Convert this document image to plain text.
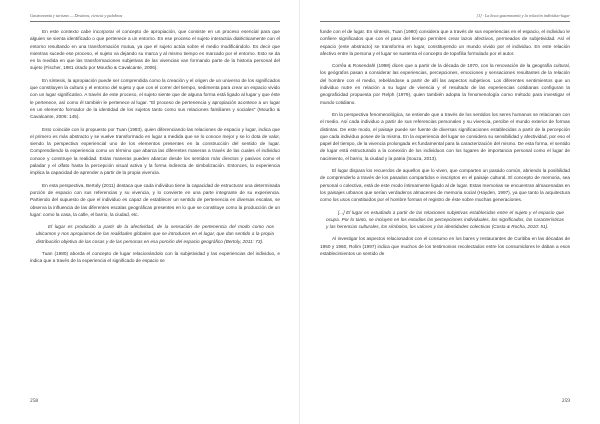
Gastronomía y turismo — Destinos, ciencia y palabras

En este contexto cabe incorporar el concepto de apropiación, que consiste en un proceso esencial para que alguien se sienta identificado o que pertenece a un entorno. En ese proceso el sujeto interactúa dialécticamente con el entorno resultando en una transformación mutua, ya que el sujeto actúa sobre el medio modificándolo. Es decir que mientras sucede ese proceso, el sujeto va dejando su marca y al mismo tiempo es marcado por el entorno. Esto se da en la medida en que las transformaciones subjetivas de las vivencias van formando parte de la historia personal del sujeto (Fischer, 1981 citado por Mourão & Cavalcante, 2006).

En síntesis, la apropiación puede ser comprendida como la creación y el origen de un universo de los significados que constituyen la cultura y el entorno del sujeto y que con el correr del tiempo, sedimenta para crear un espacio vivido con un lugar significativo. A través de este proceso, el sujeto siente que de alguna forma está ligado al lugar y que éste le pertenece, así como él también le pertenece al lugar. "El proceso de pertenencia y apropiación acontece a un lugar en un elemento formador de la identidad de los sujetos tanto como sus relaciones familiares y sociales" (Mourão & Cavalcante, 2006: 145).

Esto coincide con lo propuesto por Tuan (1983), quien diferenciando las relaciones de espacio y lugar, indica que el primero es más abstracto y se vuelve transformado en lugar a medida que se lo conoce mejor y se lo dota de valor, siendo la perspectiva experiencial uno de los elementos presentes en la construcción del sentido de lugar. Comprendiendo la experiencia como un término que abarca las diferentes maneras a través de las cuales el individuo conoce y construye la realidad. Estas maneras pueden abarcar desde los sentidos más directos y pasivos como el paladar y el olfato hasta la percepción visual activa y la forma indirecta de simbolización. Entonces, la experiencia implica la capacidad de aprender a partir de la propia vivencia.

En esta perspectiva, Bertoly (2011) destaca que cada individuo tiene la capacidad de estructurar una determinada porción de espacio con sus referencias y su vivencia, y lo convierte en una parte integrante de su experiencia. Partiendo del supuesto de que el individuo es capaz de establecer un sentido de pertenencia en diversas escalas, se observa la influencia de las diferentes escalas geográficas presentes en lo que se constituye como la producción de un lugar: como la casa, la calle, el barrio, la ciudad, etc.

El lugar es producido a partir de la afectividad, de la sensación de pertenencia del modo como nos ubicamos y nos apropiamos de las realidades globales que se introducen en el lugar, que dan sentido a la propia distribución objetiva de las cosas y de las personas en esa porción del espacio geográfico (Bertoly, 2011: 73).

Tuan (1980) aborda el concepto de lugar relacionándolo con la subjetividad y las experiencias del individuo, e indica que a través de la experiencia el significado de espacio se

258
[1] · La boca gastronomía y la relación individuo-lugar

funde con el de lugar. En síntesis, Tuan (1980) considera que a través de sus experiencias en el espacio, el individuo le confiere significados que con el paso del tiempo permiten crear lazos afectivos, permeados de subjetividad. Así el espacio (ente abstracto) se transforma en lugar, constituyendo un mundo vivido por el individuo. En este relación afectivo entre la persona y el lugar se sustenta el concepto de topofilia formulado por el autor.

Corrêa & Rosendahl (1998) dicen que a partir de la década de 1970, con la renovación de la geografía cultural, los geógrafos pasan a considerar las experiencias, percepciones, emociones y sensaciones resultantes de la relación del hombre con el medio, rebelándose a partir de allí las aspectos subjetivos. Los diferentes sentimientos que un individuo nutre en relación a su lugar de vivencia y el resultado de las experiencias cotidianas configuran la geograficidad propuesta por Relph (1979), quien también adopta la fenomenología como método para investigar el mundo cotidiano.

En la perspectiva fenomenológica, se entiende que a través de los sentidos los seres humanos se relacionan con el medio. Así cada individuo a partir de sus referencias personales y su vivencia, percibe el mundo exterior de formas distintas. De este modo, el paisaje puede ser fuente de diversas significaciones establecidas a partir de la percepción que cada individuo posee de la misma. En la experiencia del lugar se considera su sensibilidad y afectividad, por eso el papel del tiempo, de la vivencia prolongada es fundamental para la caracterización del mismo. De esta forma, el sentido de lugar está estructurado a la conexión de los individuos con los lugares de importancia personal como el lugar de nacimiento, el barrio, la ciudad y la patria (Souza, 2013).

El lugar dispara los recuerdos de aquellos que lo viven, que comparten un pasado común, abriendo la posibilidad de comprenderlo a través de los pasados compartidos e inscriptos en el paisaje cultural. El concepto de memoria, sea personal o colectiva, está de este modo íntimamente ligado al de lugar. Estas memorias se encuentran almacenadas en los paisajes urbanos que serían verdaderos almacenes de memoria social (Hayden, 1997), ya que tanto la arquitectura como los usos constituidos por el hombre forman el registro de éste sobre muchas generaciones.

[...] El lugar es estudiado a partir de las relaciones subjetivas establecidas entre el sujeto y el espacio que ocupa. Por lo tanto, se incluyen en los estudios las percepciones individuales, los significados, las características y las herencias culturales, los símbolos, los valores y las identidades colectivas (Costa & Rocha, 2010: 51).

Al investigar los aspectos relacionados con el consumo en los bares y restaurantes de Curitiba en las décadas de 1950 y 1960, Rolim (1997) indica que muchos de los testimonios recolectados entre los consumidores le daban a esos establecimientos un sentido de

259
